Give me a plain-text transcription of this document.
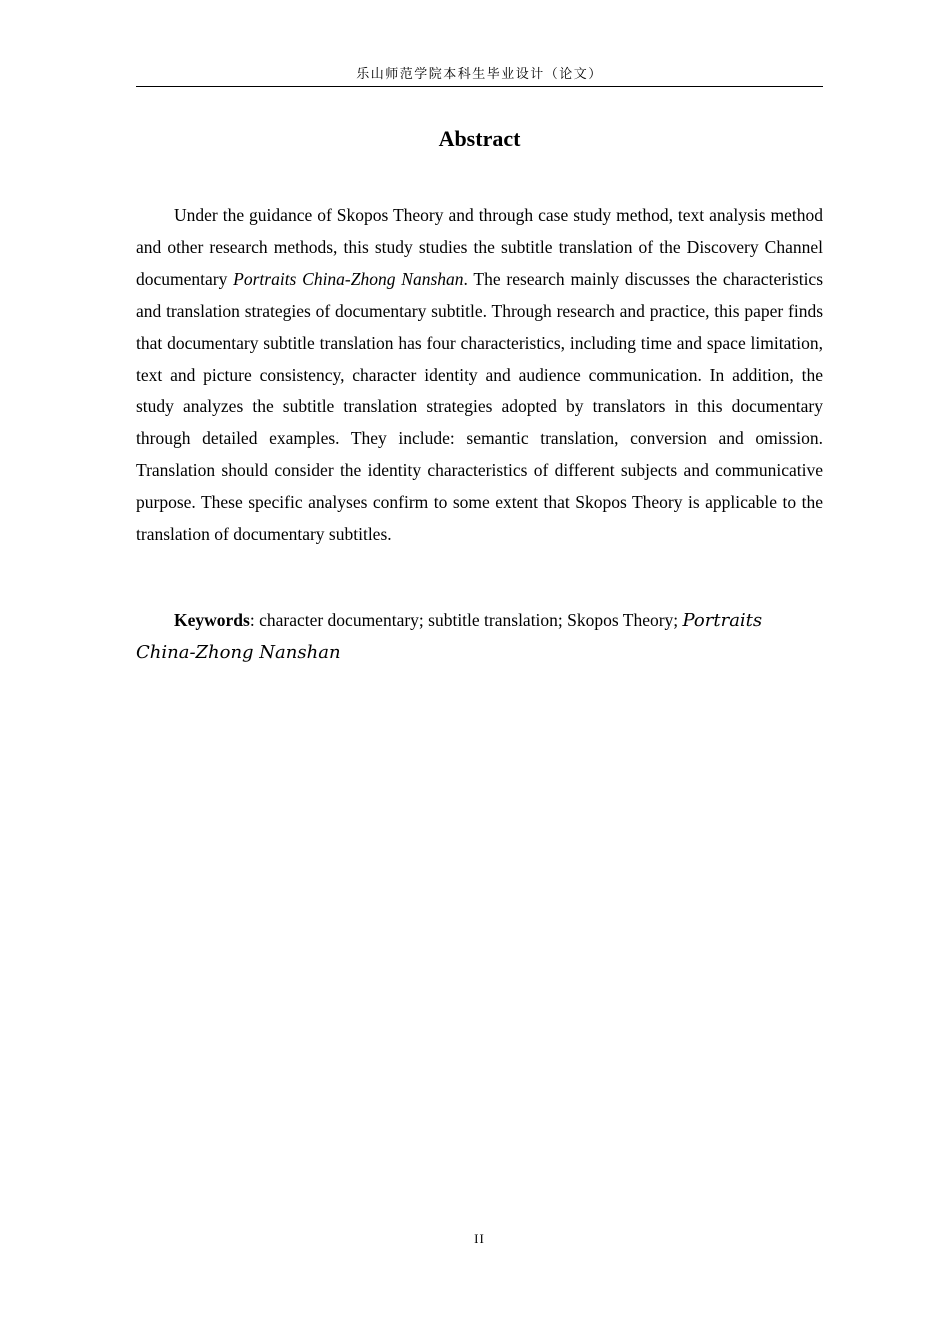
乐山师范学院本科生毕业设计（论文）
Abstract

Under the guidance of Skopos Theory and through case study method, text analysis method and other research methods, this study studies the subtitle translation of the Discovery Channel documentary Portraits China-Zhong Nanshan. The research mainly discusses the characteristics and translation strategies of documentary subtitle. Through research and practice, this paper finds that documentary subtitle translation has four characteristics, including time and space limitation, text and picture consistency, character identity and audience communication. In addition, the study analyzes the subtitle translation strategies adopted by translators in this documentary through detailed examples. They include: semantic translation, conversion and omission. Translation should consider the identity characteristics of different subjects and communicative purpose. These specific analyses confirm to some extent that Skopos Theory is applicable to the translation of documentary subtitles.

Keywords: character documentary; subtitle translation; Skopos Theory; Portraits China-Zhong Nanshan

II
